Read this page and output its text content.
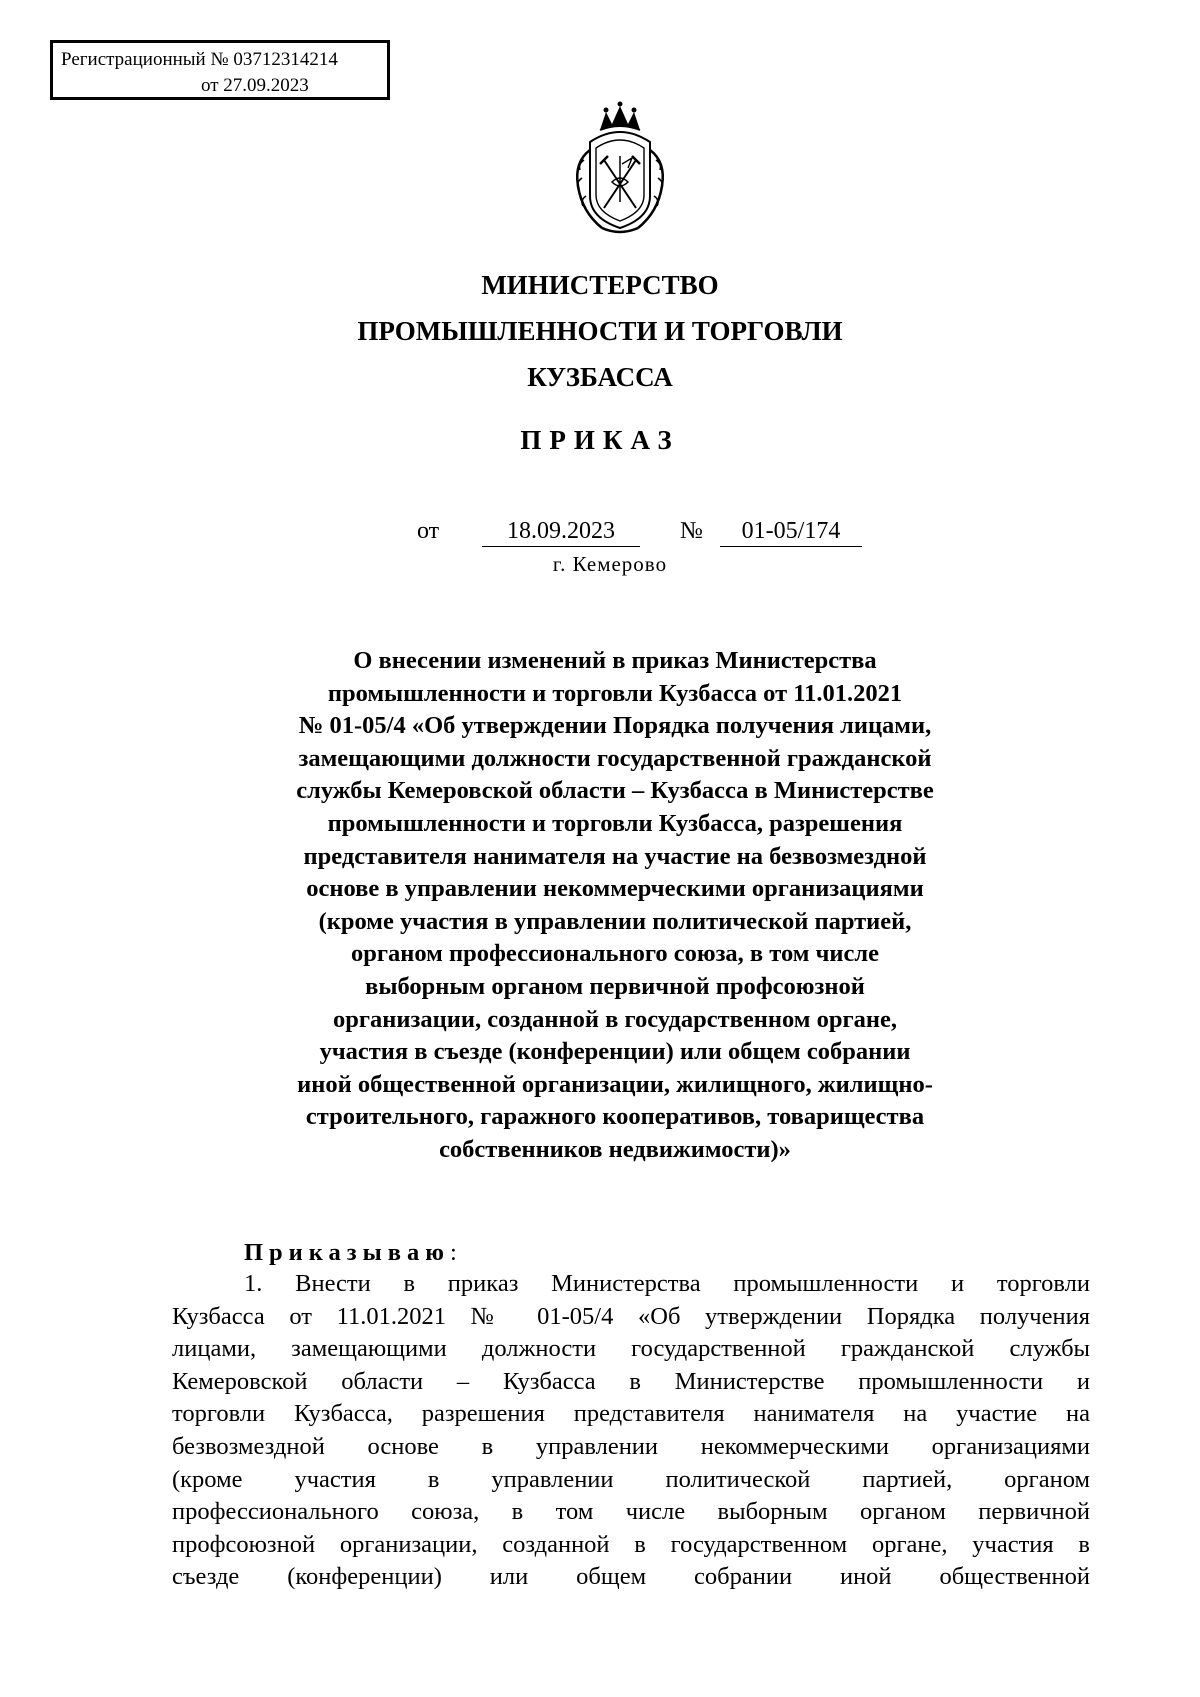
Регистрационный № 03712314214
от 27.09.2023
МИНИСТЕРСТВО
ПРОМЫШЛЕННОСТИ И ТОРГОВЛИ
КУЗБАССА
ПРИКАЗ
от	18.09.2023	№	01-05/174
г. Кемерово
О внесении изменений в приказ Министерства
промышленности и торговли Кузбасса от 11.01.2021
№ 01-05/4 «Об утверждении Порядка получения лицами,
замещающими должности государственной гражданской
службы Кемеровской области – Кузбасса в Министерстве
промышленности и торговли Кузбасса, разрешения
представителя нанимателя на участие на безвозмездной
основе в управлении некоммерческими организациями
(кроме участия в управлении политической партией,
органом профессионального союза, в том числе
выборным органом первичной профсоюзной
организации, созданной в государственном органе,
участия в съезде (конференции) или общем собрании
иной общественной организации, жилищного, жилищно-
строительного, гаражного кооперативов, товарищества
собственников недвижимости)»
Приказываю:
1. Внести в приказ Министерства промышленности и торговли
Кузбасса от 11.01.2021 № 01-05/4 «Об утверждении Порядка получения
лицами, замещающими должности государственной гражданской службы
Кемеровской области – Кузбасса в Министерстве промышленности и
торговли Кузбасса, разрешения представителя нанимателя на участие на
безвозмездной основе в управлении некоммерческими организациями
(кроме участия в управлении политической партией, органом
профессионального союза, в том числе выборным органом первичной
профсоюзной организации, созданной в государственном органе, участия в
съезде (конференции) или общем собрании иной общественной
